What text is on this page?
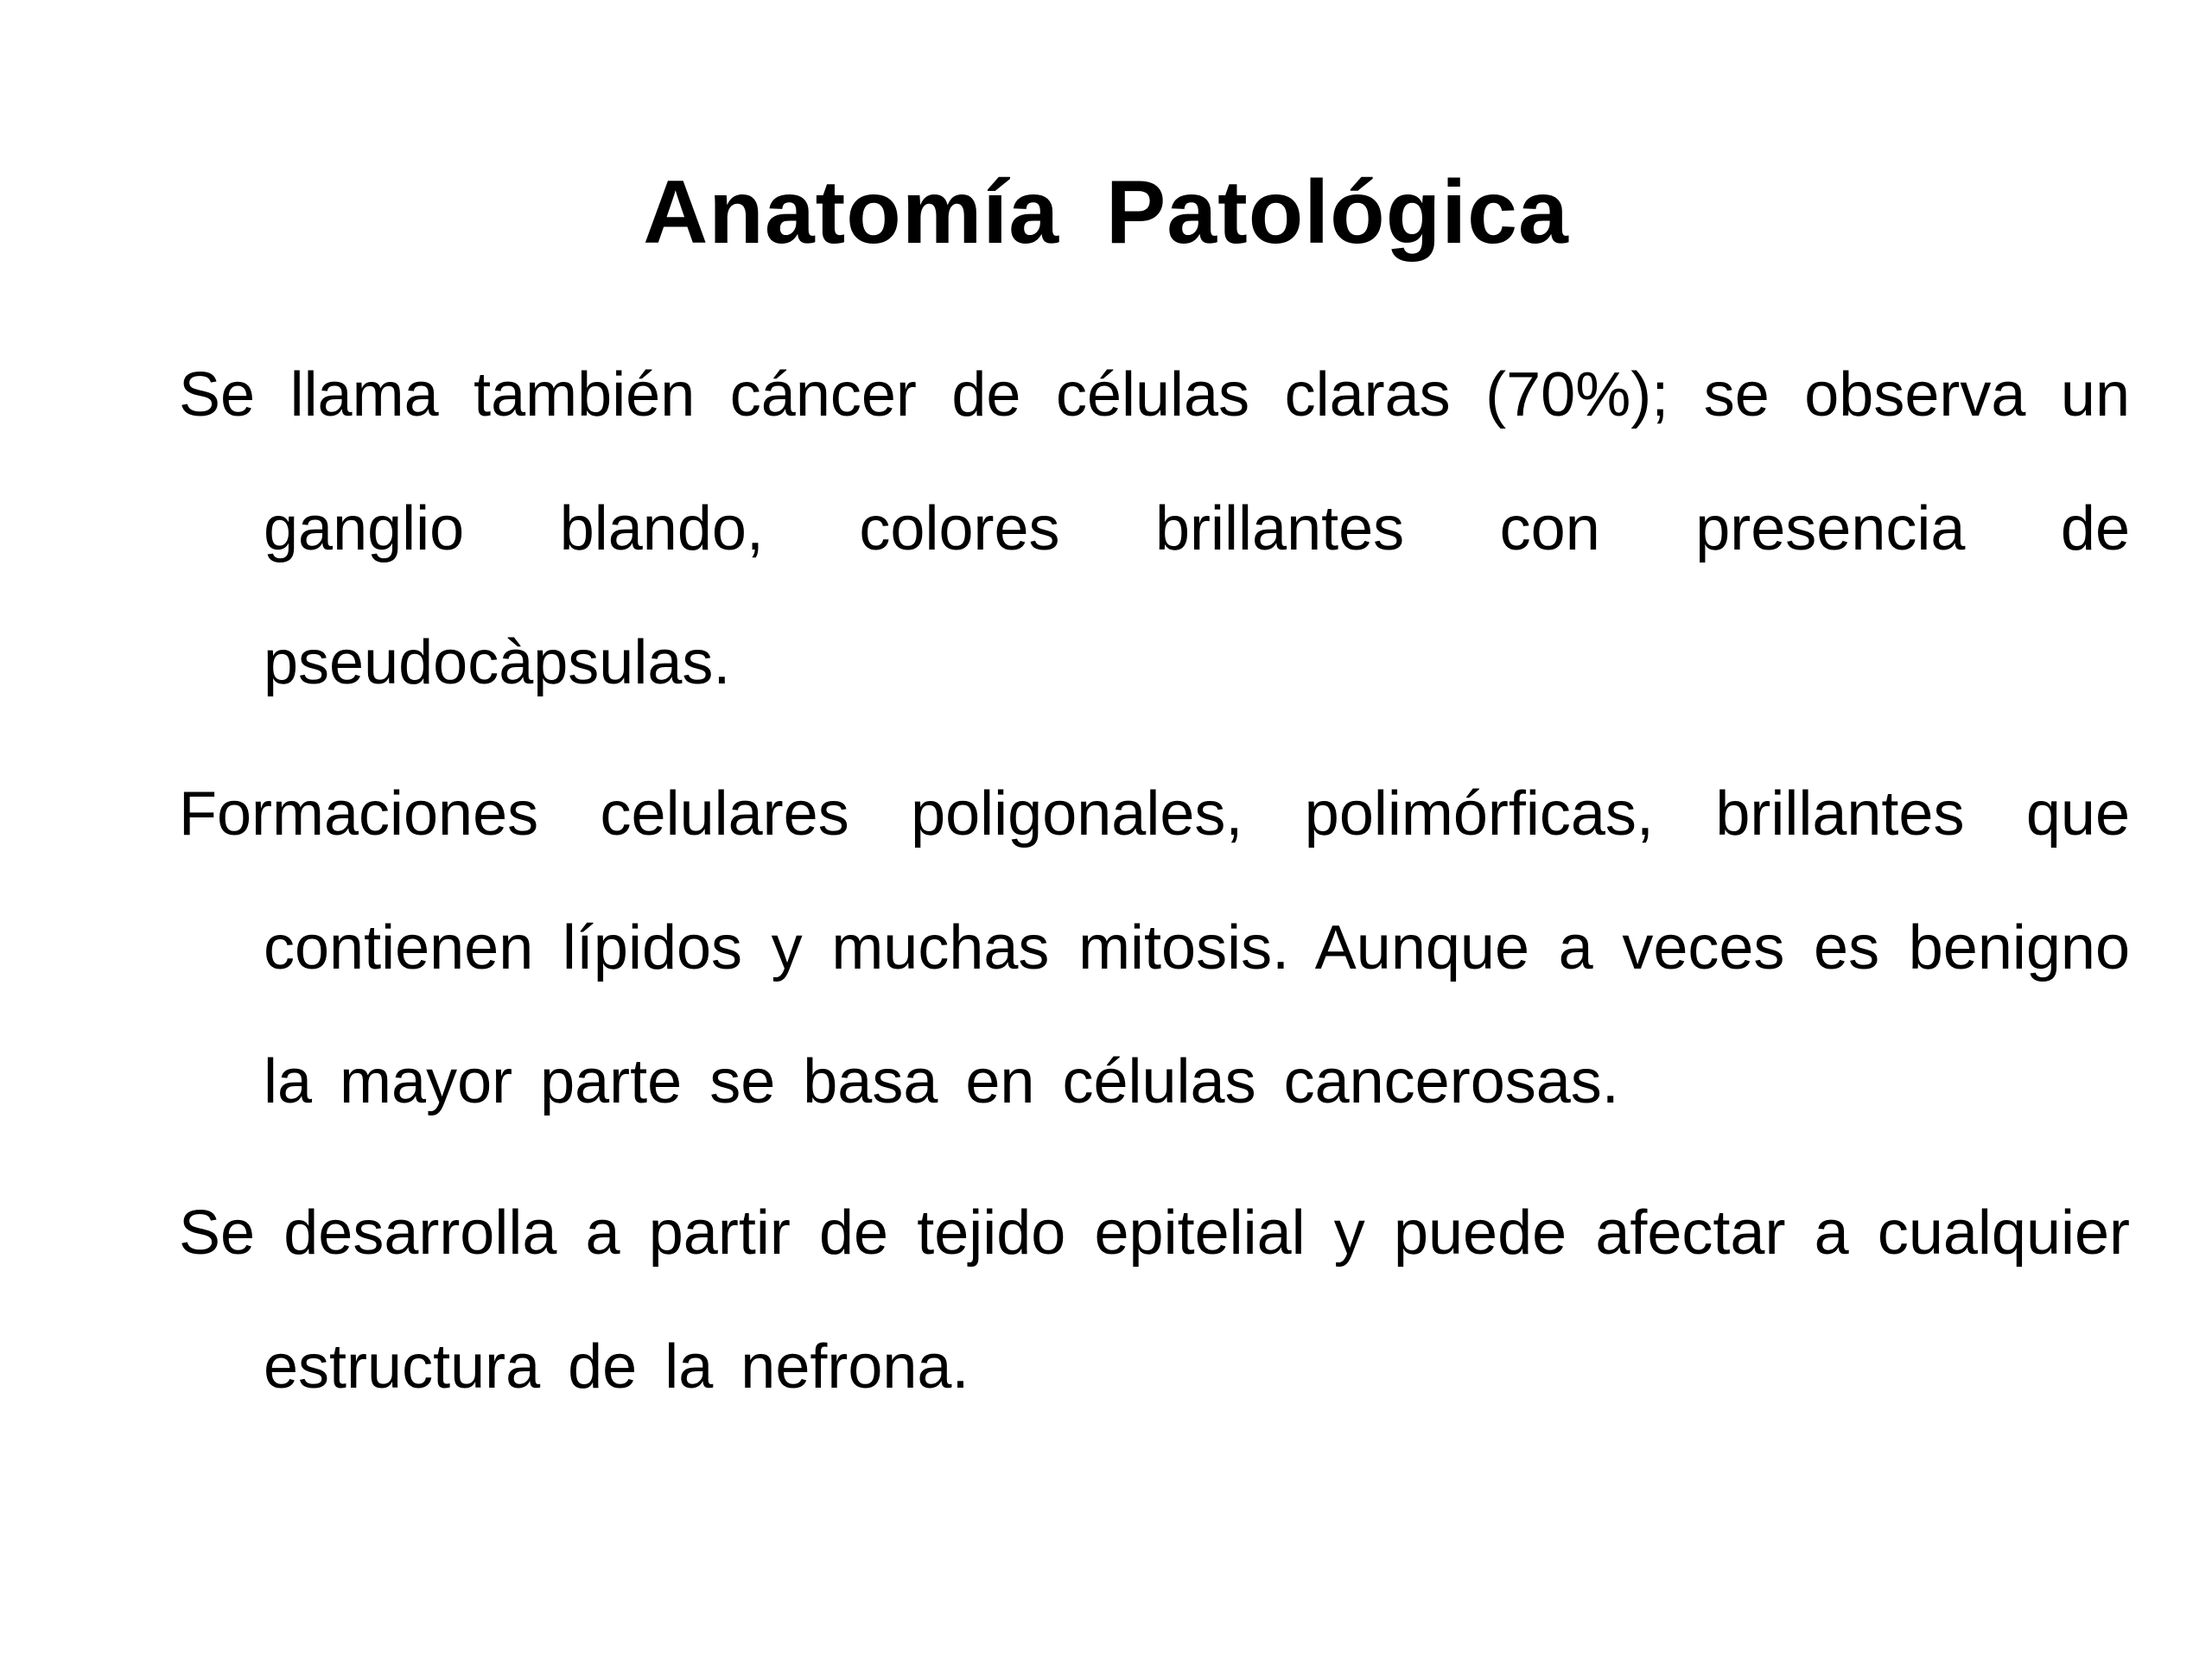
Anatomía Patológica

Se llama también cáncer de células claras (70%); se observa un ganglio blando, colores brillantes con presencia de pseudocàpsulas.

Formaciones celulares poligonales, polimórficas, brillantes que contienen lípidos y muchas mitosis. Aunque a veces es benigno la mayor parte se basa en células cancerosas.

Se desarrolla a partir de tejido epitelial y puede afectar a cualquier estructura de la nefrona.
